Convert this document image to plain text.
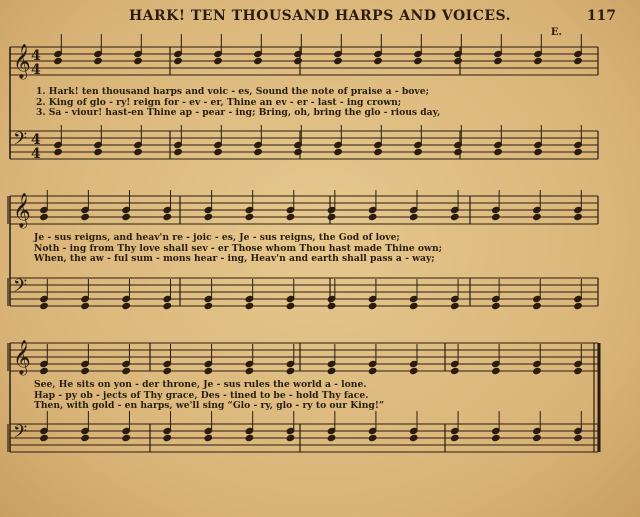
HARK! TEN THOUSAND HARPS AND VOICES.	117
E.
𝄞
𝄢
𝄞
𝄢
𝄞
𝄢
4
4
4
4
1. Hark! ten thousand harps and voic - es, Sound the note of praise a - bove;
2. King of glo - ry! reign for - ev - er, Thine an ev - er - last - ing crown;
3. Sa - viour! hast-en Thine ap - pear - ing; Bring, oh, bring the glo - rious day,
Je - sus reigns, and heav'n re - joic - es, Je - sus reigns, the God of love;
Noth - ing from Thy love shall sev - er Those whom Thou hast made Thine own;
When, the aw - ful sum - mons hear - ing, Heav'n and earth shall pass a - way;
See, He sits on yon - der throne, Je - sus rules the world a - lone.
Hap - py ob - jects of Thy grace, Des - tined to be - hold Thy face.
Then, with gold - en harps, we'll sing “Glo - ry, glo - ry to our King!”
